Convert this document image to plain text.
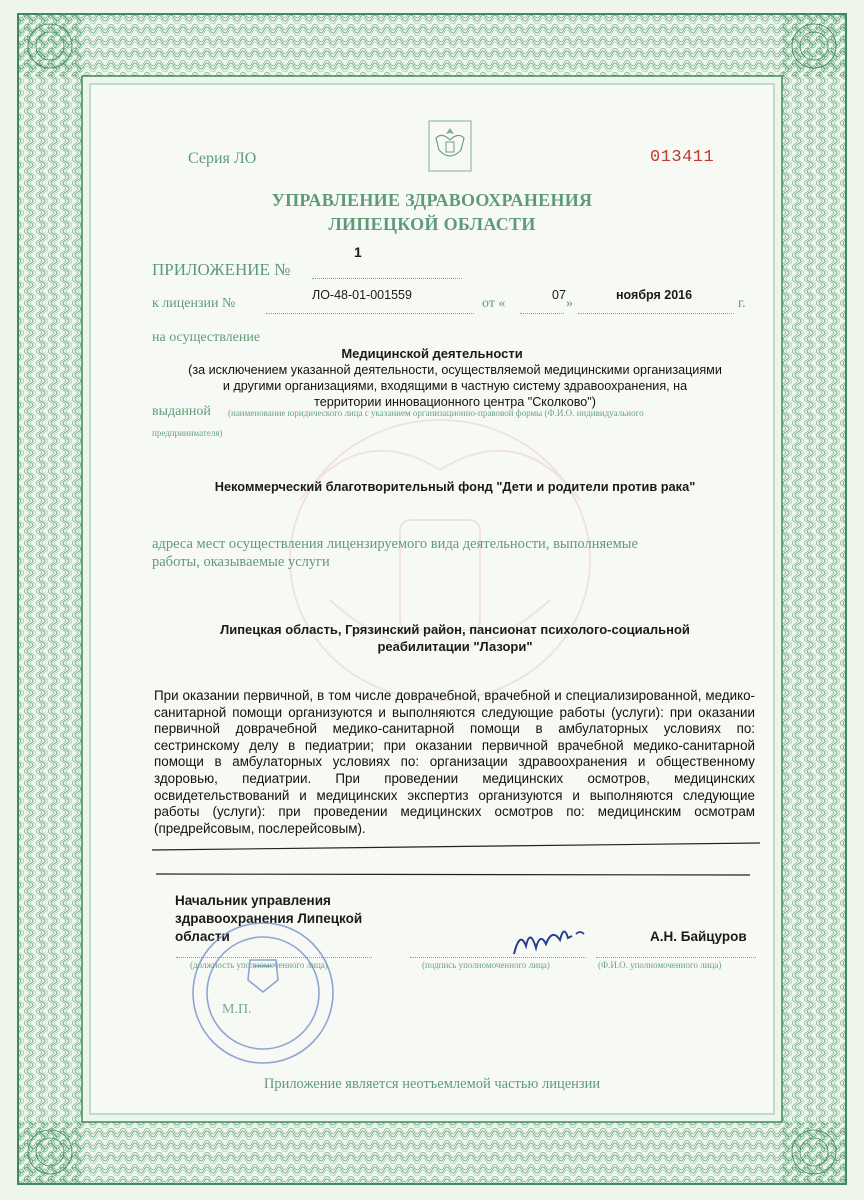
Серия ЛО	013411
УПРАВЛЕНИЕ ЗДРАВООХРАНЕНИЯ
ЛИПЕЦКОЙ ОБЛАСТИ
ПРИЛОЖЕНИЕ №
1
к лицензии №
ЛО-48-01-001559
от «
07
»
ноября 2016
г.
на осуществление
Медицинской деятельности
(за исключением указанной деятельности, осуществляемой медицинскими организациями
и другими организациями, входящими в частную систему здравоохранения, на
территории инновационного центра "Сколково")
выданной (наименование юридического лица с указанием организационно-правовой формы (Ф.И.О. индивидуального
предпринимателя)
Некоммерческий благотворительный фонд "Дети и родители против рака"
адреса мест осуществления лицензируемого вида деятельности, выполняемые
работы, оказываемые услуги
Липецкая область, Грязинский район, пансионат психолого-социальной
реабилитации "Лазори"
При оказании первичной, в том числе доврачебной, врачебной и специализированной, медико-санитарной помощи организуются и выполняются следующие работы (услуги): при оказании первичной доврачебной медико-санитарной помощи в амбулаторных условиях по: сестринскому делу в педиатрии; при оказании первичной врачебной медико-санитарной помощи в амбулаторных условиях по: организации здравоохранения и общественному здоровью, педиатрии. При проведении медицинских осмотров, медицинских освидетельствований и медицинских экспертиз организуются и выполняются следующие работы (услуги): при проведении медицинских осмотров по: медицинским осмотрам (предрейсовым, послерейсовым).
Начальник управления
здравоохранения Липецкой
области	А.Н. Байцуров
(должность уполномоченного лица)	(подпись уполномоченного лица)	(Ф.И.О. уполномоченного лица)
М.П.
Приложение является неотъемлемой частью лицензии
